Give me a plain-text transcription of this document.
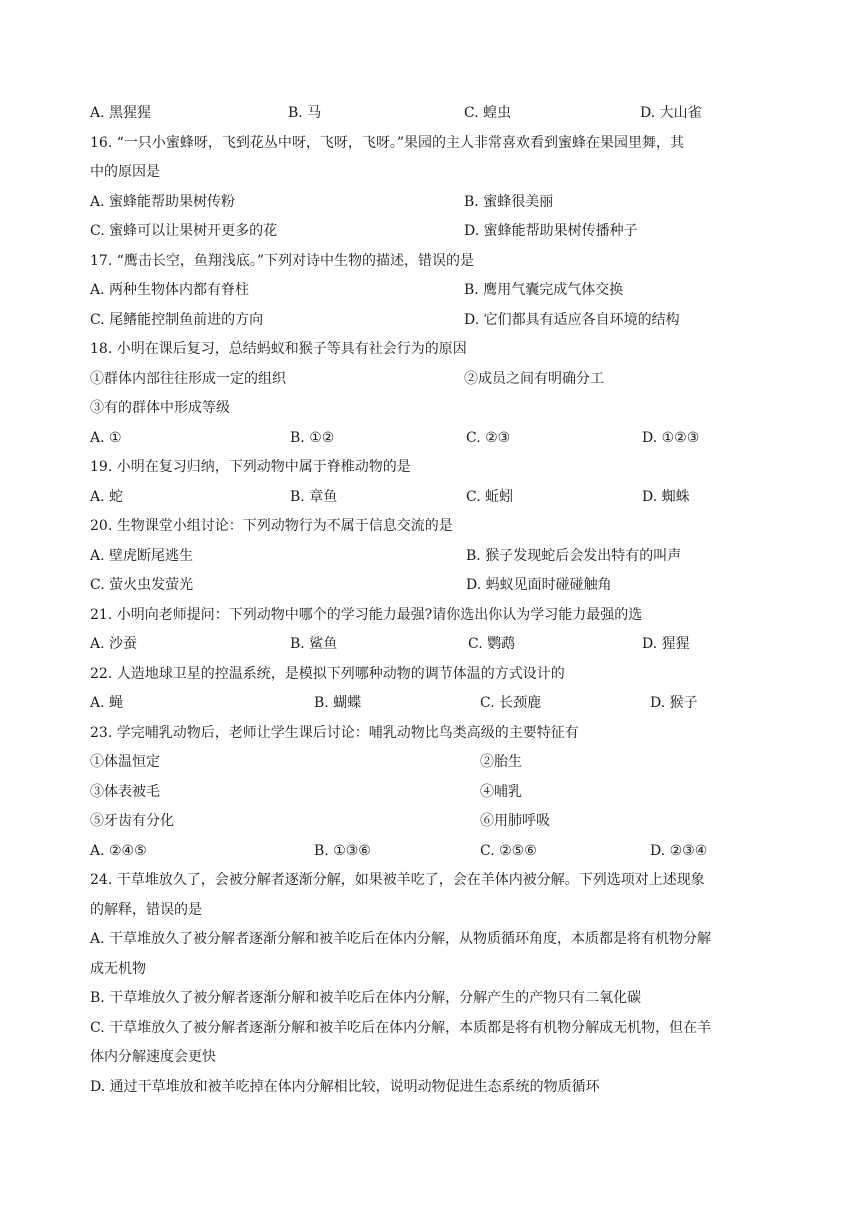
A. 黑猩猩	B. 马	C. 蝗虫	D. 大山雀
16. “一只小蜜蜂呀，飞到花丛中呀，飞呀，飞呀。”果园的主人非常喜欢看到蜜蜂在果园里舞，其
中的原因是
A. 蜜蜂能帮助果树传粉	B. 蜜蜂很美丽
C. 蜜蜂可以让果树开更多的花	D. 蜜蜂能帮助果树传播种子
17. “鹰击长空，鱼翔浅底。”下列对诗中生物的描述，错误的是
A. 两种生物体内都有脊柱	B. 鹰用气囊完成气体交换
C. 尾鳍能控制鱼前进的方向	D. 它们都具有适应各自环境的结构
18. 小明在课后复习，总结蚂蚁和猴子等具有社会行为的原因
①群体内部往往形成一定的组织	②成员之间有明确分工
③有的群体中形成等级
A. ①	B. ①②	C. ②③	D. ①②③
19. 小明在复习归纳，下列动物中属于脊椎动物的是
A. 蛇	B. 章鱼	C. 蚯蚓	D. 蜘蛛
20. 生物课堂小组讨论：下列动物行为不属于信息交流的是
A. 壁虎断尾逃生	B. 猴子发现蛇后会发出特有的叫声
C. 萤火虫发萤光	D. 蚂蚁见面时碰碰触角
21. 小明向老师提问：下列动物中哪个的学习能力最强?请你选出你认为学习能力最强的选
A. 沙蚕	B. 鲨鱼	C. 鹦鹉	D. 猩猩
22. 人造地球卫星的控温系统，是模拟下列哪种动物的调节体温的方式设计的
A. 蝇	B. 蝴蝶	C. 长颈鹿	D. 猴子
23. 学完哺乳动物后，老师让学生课后讨论：哺乳动物比鸟类高级的主要特征有
①体温恒定	②胎生
③体表被毛	④哺乳
⑤牙齿有分化	⑥用肺呼吸
A. ②④⑤	B. ①③⑥	C. ②⑤⑥	D. ②③④
24. 干草堆放久了，会被分解者逐渐分解，如果被羊吃了，会在羊体内被分解。下列选项对上述现象
的解释，错误的是
A. 干草堆放久了被分解者逐渐分解和被羊吃后在体内分解，从物质循环角度，本质都是将有机物分解
成无机物
B. 干草堆放久了被分解者逐渐分解和被羊吃后在体内分解，分解产生的产物只有二氧化碳
C. 干草堆放久了被分解者逐渐分解和被羊吃后在体内分解，本质都是将有机物分解成无机物，但在羊
体内分解速度会更快
D. 通过干草堆放和被羊吃掉在体内分解相比较，说明动物促进生态系统的物质循环
